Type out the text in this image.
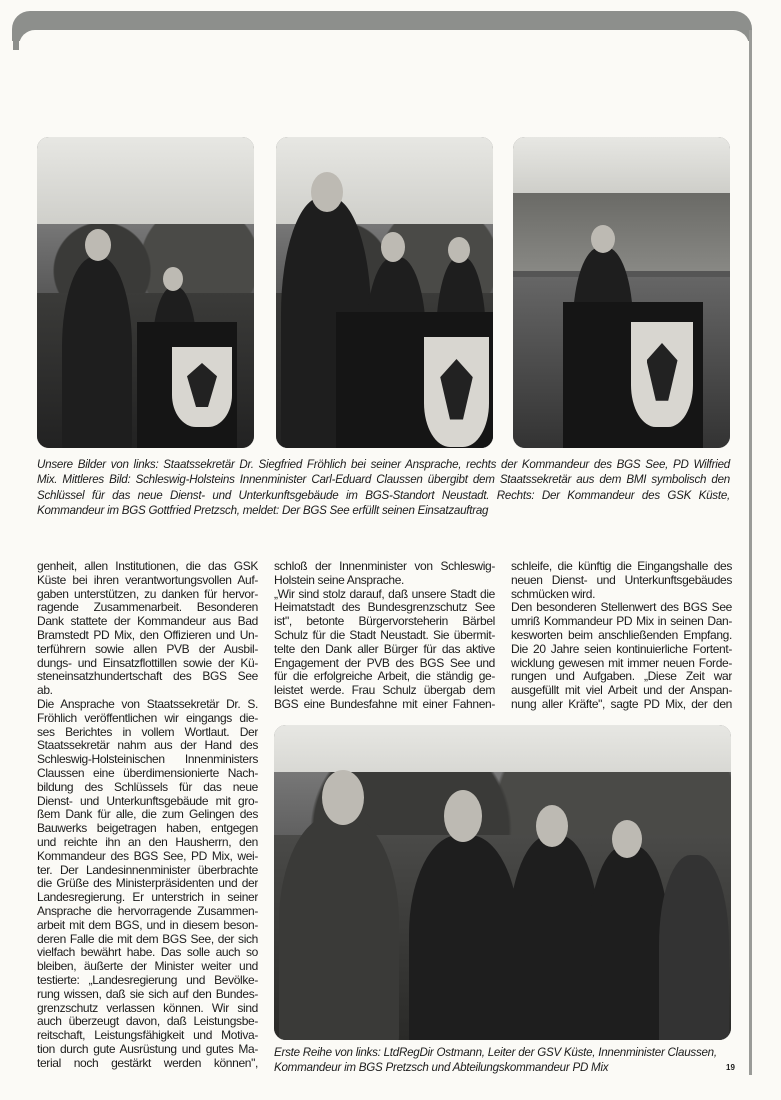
Unsere Bilder von links: Staatssekretär Dr. Siegfried Fröhlich bei seiner Ansprache, rechts der Kommandeur des BGS See, PD Wilfried
Mix. Mittleres Bild: Schleswig-Holsteins Innenminister Carl-Eduard Claussen übergibt dem Staatssekretär aus dem BMI symbolisch den
Schlüssel für das neue Dienst- und Unterkunftsgebäude im BGS-Standort Neustadt. Rechts: Der Kommandeur des GSK Küste,
Kommandeur im BGS Gottfried Pretzsch, meldet: Der BGS See erfüllt seinen Einsatzauftrag
genheit, allen Institutionen, die das GSK
Küste bei ihren verantwortungsvollen Auf-
gaben unterstützen, zu danken für hervor-
ragende Zusammenarbeit. Besonderen
Dank stattete der Kommandeur aus Bad
Bramstedt PD Mix, den Offizieren und Un-
terführern sowie allen PVB der Ausbil-
dungs- und Einsatzflottillen sowie der Kü-
steneinsatzhundertschaft des BGS See
ab.
Die Ansprache von Staatssekretär Dr. S.
Fröhlich veröffentlichen wir eingangs die-
ses Berichtes in vollem Wortlaut. Der
Staatssekretär nahm aus der Hand des
Schleswig-Holsteinischen Innenministers
Claussen eine überdimensionierte Nach-
bildung des Schlüssels für das neue
Dienst- und Unterkunftsgebäude mit gro-
ßem Dank für alle, die zum Gelingen des
Bauwerks beigetragen haben, entgegen
und reichte ihn an den Hausherrn, den
Kommandeur des BGS See, PD Mix, wei-
ter. Der Landesinnenminister überbrachte
die Grüße des Ministerpräsidenten und der
Landesregierung. Er unterstrich in seiner
Ansprache die hervorragende Zusammen-
arbeit mit dem BGS, und in diesem beson-
deren Falle die mit dem BGS See, der sich
vielfach bewährt habe. Das solle auch so
bleiben, äußerte der Minister weiter und
testierte: „Landesregierung und Bevölke-
rung wissen, daß sie sich auf den Bundes-
grenzschutz verlassen können. Wir sind
auch überzeugt davon, daß Leistungsbe-
reitschaft, Leistungsfähigkeit und Motiva-
tion durch gute Ausrüstung und gutes Ma-
terial noch gestärkt werden können",
schloß der Innenminister von Schleswig-
Holstein seine Ansprache.
„Wir sind stolz darauf, daß unsere Stadt die
Heimatstadt des Bundesgrenzschutz See
ist", betonte Bürgervorsteherin Bärbel
Schulz für die Stadt Neustadt. Sie übermit-
telte den Dank aller Bürger für das aktive
Engagement der PVB des BGS See und
für die erfolgreiche Arbeit, die ständig ge-
leistet werde. Frau Schulz übergab dem
BGS eine Bundesfahne mit einer Fahnen-
schleife, die künftig die Eingangshalle des
neuen Dienst- und Unterkunftsgebäudes
schmücken wird.
Den besonderen Stellenwert des BGS See
umriß Kommandeur PD Mix in seinen Dan-
kesworten beim anschließenden Empfang.
Die 20 Jahre seien kontinuierliche Fortent-
wicklung gewesen mit immer neuen Forde-
rungen und Aufgaben. „Diese Zeit war
ausgefüllt mit viel Arbeit und der Anspan-
nung aller Kräfte", sagte PD Mix, der den
Erste Reihe von links: LtdRegDir Ostmann, Leiter der GSV Küste, Innenminister Claussen,
Kommandeur im BGS Pretzsch und Abteilungskommandeur PD Mix	19
